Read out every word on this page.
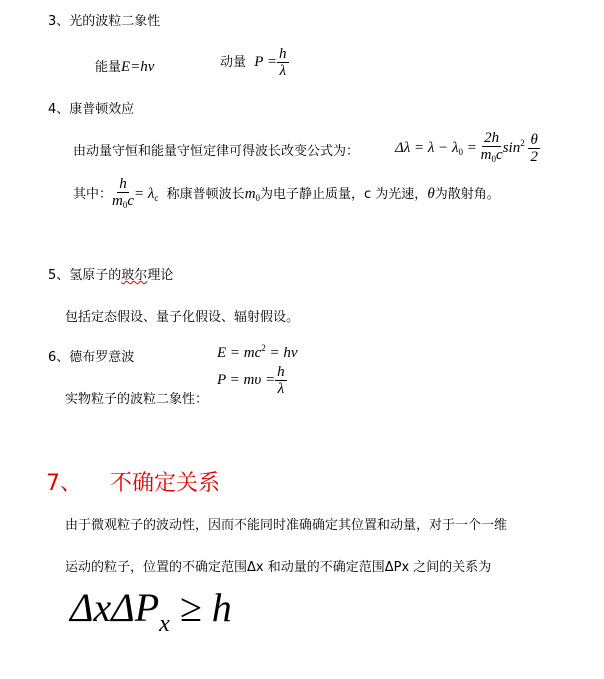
3、光的波粒二象性
能量E=hν	动量 $P = \frac{h}{\lambda}$
4、康普顿效应
由动量守恒和能量守恒定律可得波长改变公式为： $\Delta\lambda = \lambda - \lambda_0 = \frac{2h}{m_0c} \sin^2 \frac{\theta}{2}$
其中： $\frac{h}{m_0c} = \lambda_c$ 称康普顿波长$m_0$为电子静止质量，c 为光速，θ为散射角。
5、氢原子的玻尔理论
包括定态假设、量子化假设、辐射假设。
6、德布罗意波	$E = mc^2 = h\nu$
$P = m\upsilon = \frac{h}{\lambda}$
实物粒子的波粒二象性：
7、 不确定关系
由于微观粒子的波动性，因而不能同时准确确定其位置和动量，对于一个一维
运动的粒子，位置的不确定范围Δx 和动量的不确定范围ΔPx 之间的关系为
ΔxΔP$_x$ ≥ h
